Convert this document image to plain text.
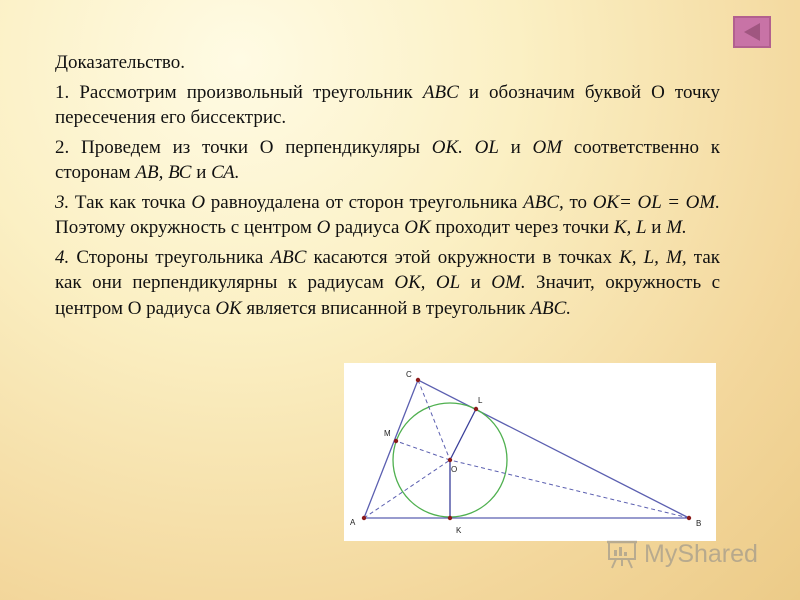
Доказательство.

1. Рассмотрим произвольный треугольник ABC и обозначим буквой О точку пересечения его биссектрис.

2. Проведем из точки О перпендикуляры ОК. OL и ОМ соответственно к сторонам АВ, ВС и СА.

3. Так как точка О равноудалена от сторон треугольника ABC, то ОК= OL = ОМ. Поэтому окружность с центром О радиуса ОК проходит через точки К, L и М.

4. Стороны треугольника ABC касаются этой окружности в точках К, L, М, так как они перпендикулярны к радиусам ОК, OL и ОМ. Значит, окружность с центром О радиуса ОК является вписанной в треугольник ABC.

A	B
C
O
K
L
M
MyShared
